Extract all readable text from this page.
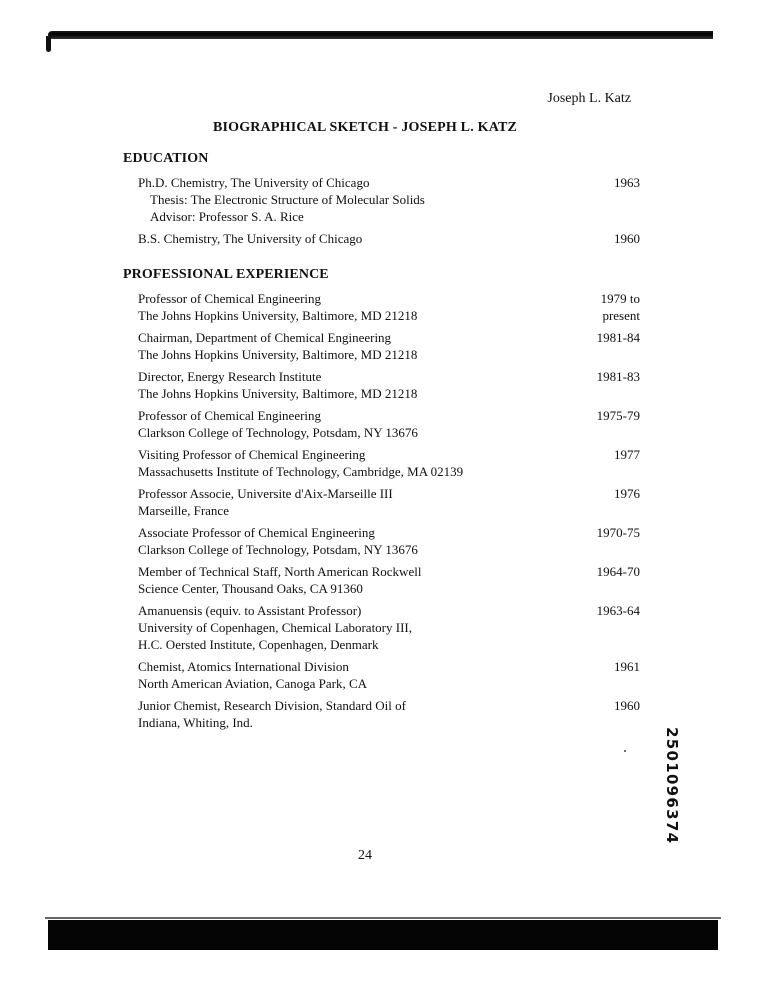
Joseph L. Katz
BIOGRAPHICAL SKETCH - JOSEPH L. KATZ
EDUCATION
Ph.D. Chemistry, The University of Chicago
Thesis: The Electronic Structure of Molecular Solids
Advisor: Professor S. A. Rice
1963
B.S. Chemistry, The University of Chicago	1960
PROFESSIONAL EXPERIENCE
Professor of Chemical Engineering
The Johns Hopkins University, Baltimore, MD 21218
1979 to
present
Chairman, Department of Chemical Engineering
The Johns Hopkins University, Baltimore, MD 21218
1981-84
Director, Energy Research Institute
The Johns Hopkins University, Baltimore, MD 21218
1981-83
Professor of Chemical Engineering
Clarkson College of Technology, Potsdam, NY 13676
1975-79
Visiting Professor of Chemical Engineering
Massachusetts Institute of Technology, Cambridge, MA 02139
1977
Professor Associe, Universite d'Aix-Marseille III
Marseille, France
1976
Associate Professor of Chemical Engineering
Clarkson College of Technology, Potsdam, NY 13676
1970-75
Member of Technical Staff, North American Rockwell
Science Center, Thousand Oaks, CA 91360
1964-70
Amanuensis (equiv. to Assistant Professor)
University of Copenhagen, Chemical Laboratory III,
H.C. Oersted Institute, Copenhagen, Denmark
1963-64
Chemist, Atomics International Division
North American Aviation, Canoga Park, CA
1961
Junior Chemist, Research Division, Standard Oil of
Indiana, Whiting, Ind.
1960
2501096374
24
